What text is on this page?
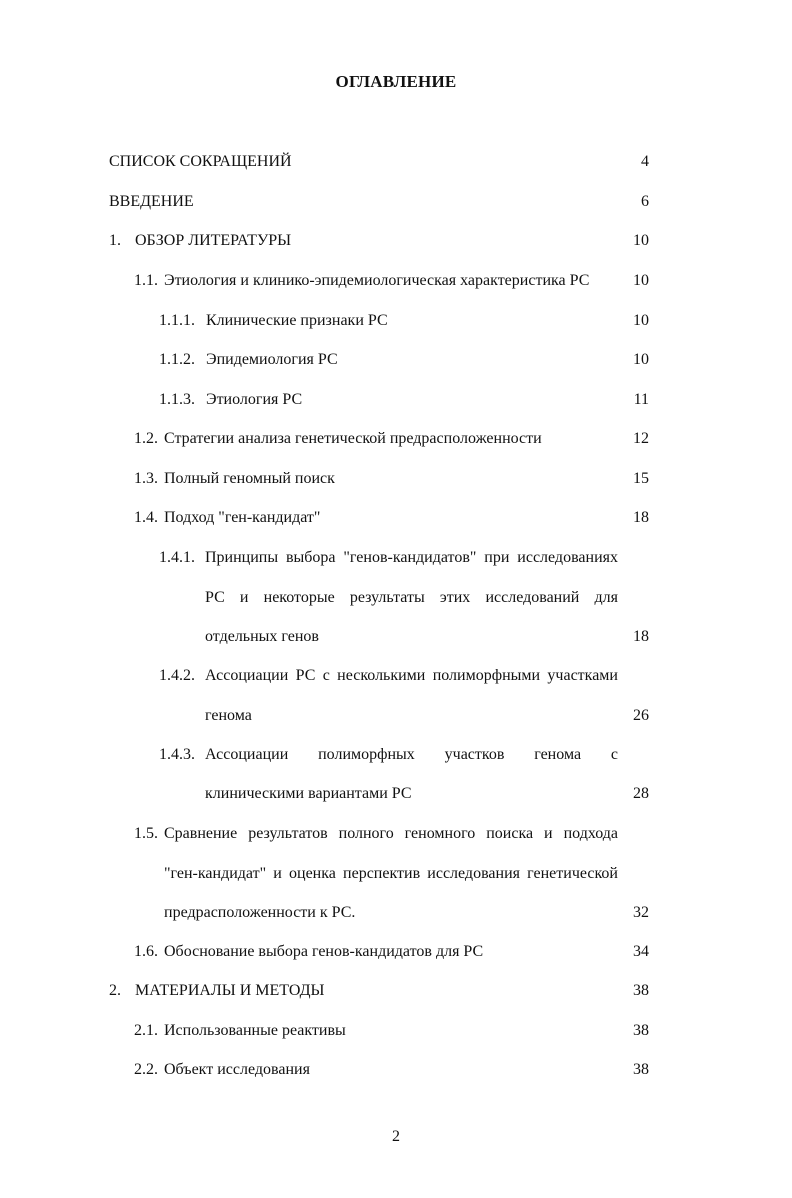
ОГЛАВЛЕНИЕ
СПИСОК СОКРАЩЕНИЙ	4
ВВЕДЕНИЕ	6
1. ОБЗОР ЛИТЕРАТУРЫ	10
1.1. Этиология и клинико-эпидемиологическая характеристика РС	10
1.1.1. Клинические признаки РС	10
1.1.2. Эпидемиология РС	10
1.1.3. Этиология РС	11
1.2. Стратегии анализа генетической предрасположенности	12
1.3. Полный геномный поиск	15
1.4. Подход "ген-кандидат"	18
1.4.1. Принципы выбора "генов-кандидатов" при исследованиях
РС и некоторые результаты этих исследований для
отдельных генов	18
1.4.2. Ассоциации РС с несколькими полиморфными участками
генома	26
1.4.3. Ассоциации полиморфных участков генома с
клиническими вариантами РС	28
1.5. Сравнение результатов полного геномного поиска и подхода
"ген-кандидат" и оценка перспектив исследования генетической
предрасположенности к РС.	32
1.6. Обоснование выбора генов-кандидатов для РС	34
2. МАТЕРИАЛЫ И МЕТОДЫ	38
2.1. Использованные реактивы	38
2.2. Объект исследования	38
2
